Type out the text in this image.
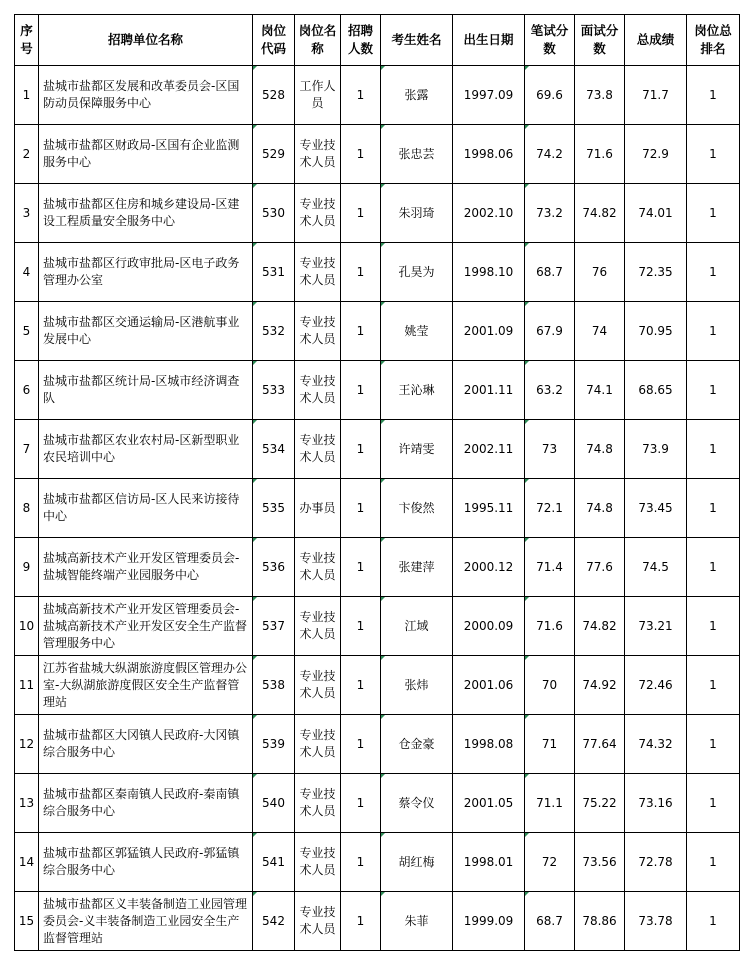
序号	招聘单位名称	岗位代码	岗位名称	招聘人数	考生姓名	出生日期	笔试分数	面试分数	总成绩	岗位总排名
1	盐城市盐都区发展和改革委员会-区国防动员保障服务中心	528	工作人员	1	张露	1997.09	69.6	73.8	71.7	1
2	盐城市盐都区财政局-区国有企业监测服务中心	529	专业技术人员	1	张忠芸	1998.06	74.2	71.6	72.9	1
3	盐城市盐都区住房和城乡建设局-区建设工程质量安全服务中心	530	专业技术人员	1	朱羽琦	2002.10	73.2	74.82	74.01	1
4	盐城市盐都区行政审批局-区电子政务管理办公室	531	专业技术人员	1	孔昊为	1998.10	68.7	76	72.35	1
5	盐城市盐都区交通运输局-区港航事业发展中心	532	专业技术人员	1	姚莹	2001.09	67.9	74	70.95	1
6	盐城市盐都区统计局-区城市经济调查队	533	专业技术人员	1	王沁琳	2001.11	63.2	74.1	68.65	1
7	盐城市盐都区农业农村局-区新型职业农民培训中心	534	专业技术人员	1	许靖雯	2002.11	73	74.8	73.9	1
8	盐城市盐都区信访局-区人民来访接待中心	535	办事员	1	卞俊然	1995.11	72.1	74.8	73.45	1
9	盐城高新技术产业开发区管理委员会-盐城智能终端产业园服务中心	536	专业技术人员	1	张建萍	2000.12	71.4	77.6	74.5	1
10	盐城高新技术产业开发区管理委员会-盐城高新技术产业开发区安全生产监督管理服务中心	537	专业技术人员	1	江域	2000.09	71.6	74.82	73.21	1
11	江苏省盐城大纵湖旅游度假区管理办公室-大纵湖旅游度假区安全生产监督管理站	538	专业技术人员	1	张炜	2001.06	70	74.92	72.46	1
12	盐城市盐都区大冈镇人民政府-大冈镇综合服务中心	539	专业技术人员	1	仓金豪	1998.08	71	77.64	74.32	1
13	盐城市盐都区秦南镇人民政府-秦南镇综合服务中心	540	专业技术人员	1	蔡令仪	2001.05	71.1	75.22	73.16	1
14	盐城市盐都区郭猛镇人民政府-郭猛镇综合服务中心	541	专业技术人员	1	胡红梅	1998.01	72	73.56	72.78	1
15	盐城市盐都区义丰装备制造工业园管理委员会-义丰装备制造工业园安全生产监督管理站	542	专业技术人员	1	朱菲	1999.09	68.7	78.86	73.78	1
